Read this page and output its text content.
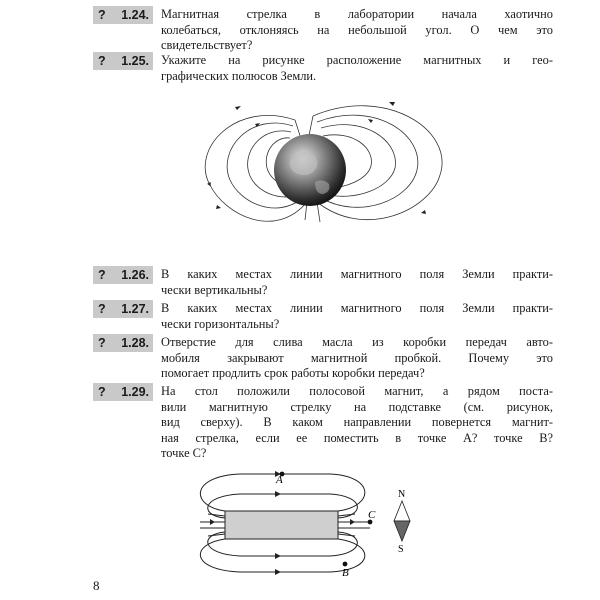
? 1.24. Магнитная стрелка в лаборатории начала хаотично
колебаться, отклоняясь на небольшой угол. О чем это
свидетельствует?
? 1.25. Укажите на рисунке расположение магнитных и гео-
графических полюсов Земли.
? 1.26. В каких местах линии магнитного поля Земли практи-
чески вертикальны?
? 1.27. В каких местах линии магнитного поля Земли практи-
чески горизонтальны?
? 1.28. Отверстие для слива масла из коробки передач авто-
мобиля закрывают магнитной пробкой. Почему это
помогает продлить срок работы коробки передач?
? 1.29. На стол положили полосовой магнит, а рядом поста-
вили магнитную стрелку на подставке (см. рисунок,
вид сверху). В каком направлении повернется магнит-
ная стрелка, если ее поместить в точке A? точке B?
точке C?
A
C
B
N
S
8
